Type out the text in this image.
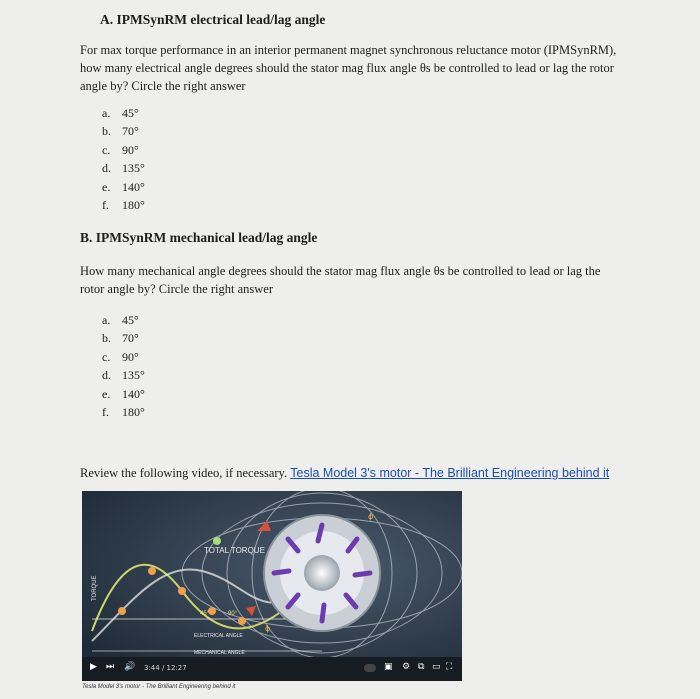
A. IPMSynRM electrical lead/lag angle
For max torque performance in an interior permanent magnet synchronous reluctance motor (IPMSynRM),
how many electrical angle degrees should the stator mag flux angle θs be controlled to lead or lag the rotor
angle by? Circle the right answer
a. 45°
b. 70°
c. 90°
d. 135°
e. 140°
f.	180°
B. IPMSynRM mechanical lead/lag angle
How many mechanical angle degrees should the stator mag flux angle θs be controlled to lead or lag the
rotor angle by? Circle the right answer
a. 45°
b. 70°
c. 90°
d. 135°
e. 140°
f.	180°
Review the following video, if necessary. Tesla Model 3's motor - The Brilliant Engineering behind it
ϕ
ϕ
TOTAL TORQUE
TORQUE
ELECTRICAL ANGLE
MECHANICAL ANGLE
45°	90°
▶ ⏭ 🔊 3:44 / 12:27	▣ ⚙ ⧉ ▭ ⛶
Tesla Model 3's motor - The Brilliant Engineering behind it
